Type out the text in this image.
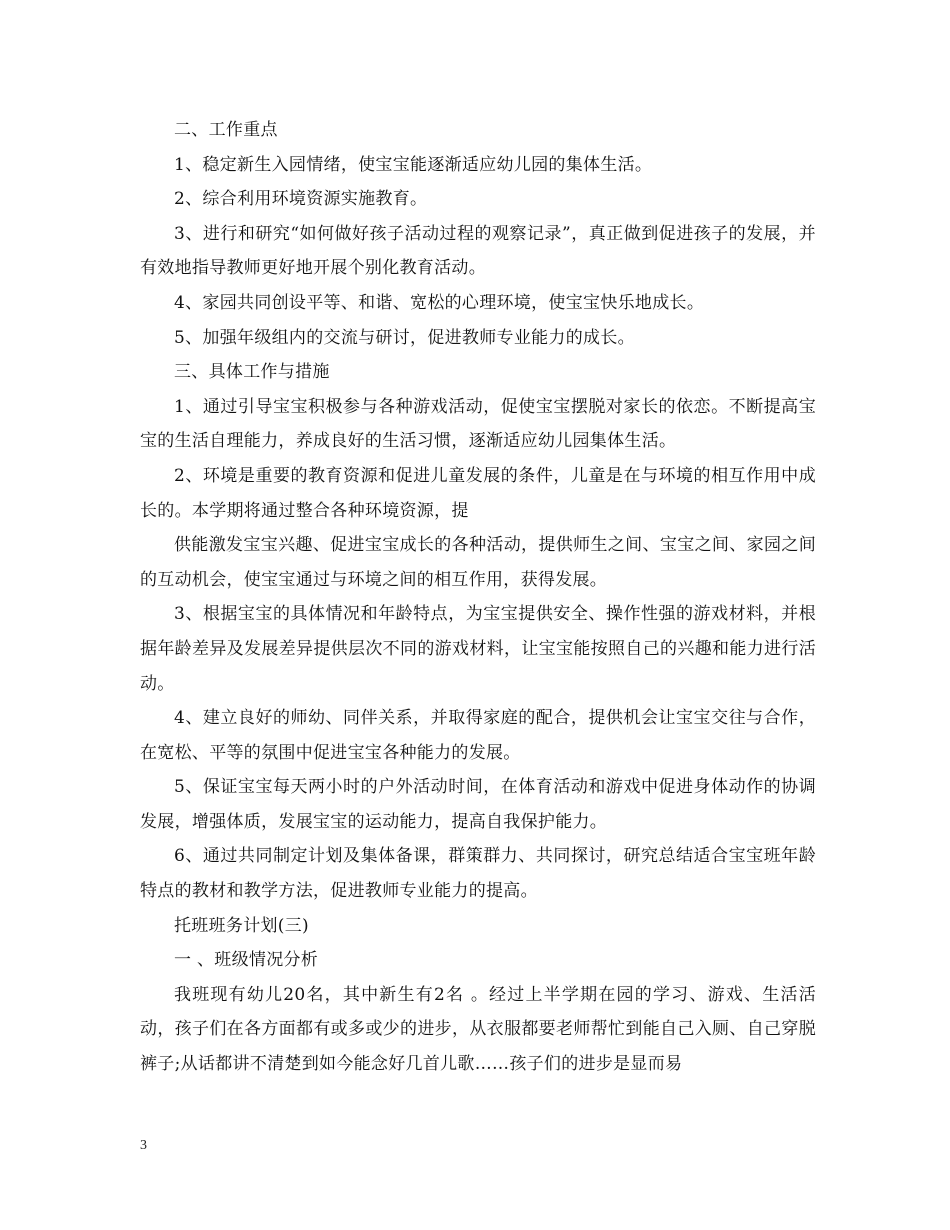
二、工作重点

1、稳定新生入园情绪，使宝宝能逐渐适应幼儿园的集体生活。

2、综合利用环境资源实施教育。

3、进行和研究“如何做好孩子活动过程的观察记录”，真正做到促进孩子的发展，并有效地指导教师更好地开展个别化教育活动。

4、家园共同创设平等、和谐、宽松的心理环境，使宝宝快乐地成长。

5、加强年级组内的交流与研讨，促进教师专业能力的成长。

三、具体工作与措施

1、通过引导宝宝积极参与各种游戏活动，促使宝宝摆脱对家长的依恋。不断提高宝宝的生活自理能力，养成良好的生活习惯，逐渐适应幼儿园集体生活。

2、环境是重要的教育资源和促进儿童发展的条件，儿童是在与环境的相互作用中成长的。本学期将通过整合各种环境资源，提

供能激发宝宝兴趣、促进宝宝成长的各种活动，提供师生之间、宝宝之间、家园之间的互动机会，使宝宝通过与环境之间的相互作用，获得发展。

3、根据宝宝的具体情况和年龄特点，为宝宝提供安全、操作性强的游戏材料，并根据年龄差异及发展差异提供层次不同的游戏材料，让宝宝能按照自己的兴趣和能力进行活动。

4、建立良好的师幼、同伴关系，并取得家庭的配合，提供机会让宝宝交往与合作，在宽松、平等的氛围中促进宝宝各种能力的发展。

5、保证宝宝每天两小时的户外活动时间，在体育活动和游戏中促进身体动作的协调发展，增强体质，发展宝宝的运动能力，提高自我保护能力。

6、通过共同制定计划及集体备课，群策群力、共同探讨，研究总结适合宝宝班年龄特点的教材和教学方法，促进教师专业能力的提高。

托班班务计划(三)

一 、班级情况分析

我班现有幼儿20名，其中新生有2名 。经过上半学期在园的学习、游戏、生活活动，孩子们在各方面都有或多或少的进步，从衣服都要老师帮忙到能自己入厕、自己穿脱裤子;从话都讲不清楚到如今能念好几首儿歌……孩子们的进步是显而易

3
